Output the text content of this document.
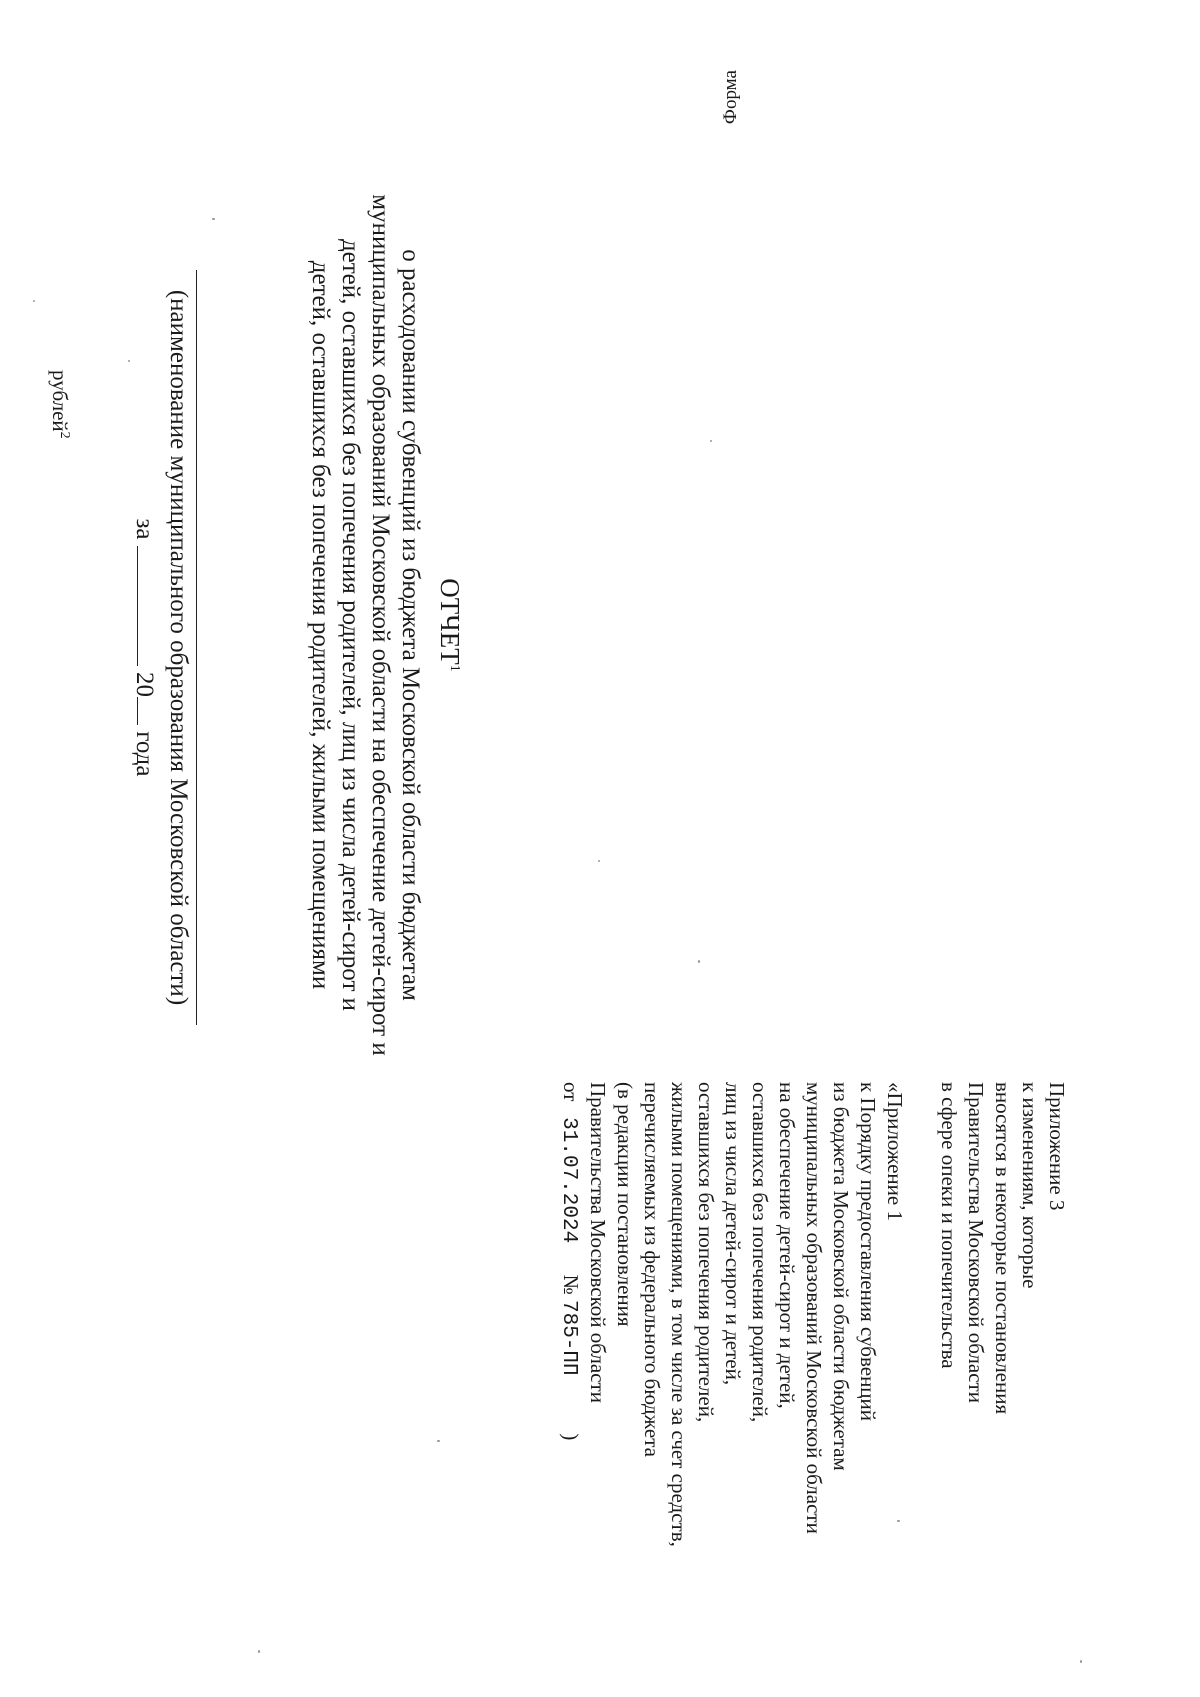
Форма
Приложение 3
к изменениям, которые
вносятся в некоторые постановления
Правительства Московской области
в сфере опеки и попечительства
«Приложение 1
к Порядку предоставления субвенций
из бюджета Московской области бюджетам
муниципальных образований Московской области
на обеспечение детей-сирот и детей,
оставшихся без попечения родителей,
лиц из числа детей-сирот и детей,
оставшихся без попечения родителей,
жилыми помещениями, в том числе за счет средств,
перечисляемых из федерального бюджета
(в редакции постановления
Правительства Московской области
от   31.07.2024      № 785-ПП           )
ОТЧЕТ$^1$
о расходовании субвенций из бюджета Московской области бюджетам
муниципальных образований Московской области на обеспечение детей-сирот и
детей, оставшихся без попечения родителей, лиц из числа детей-сирот и
детей, оставшихся без попечения родителей, жилыми помещениями
(наименование муниципального образования Московской области)
за  20 года
рублей$^2$
